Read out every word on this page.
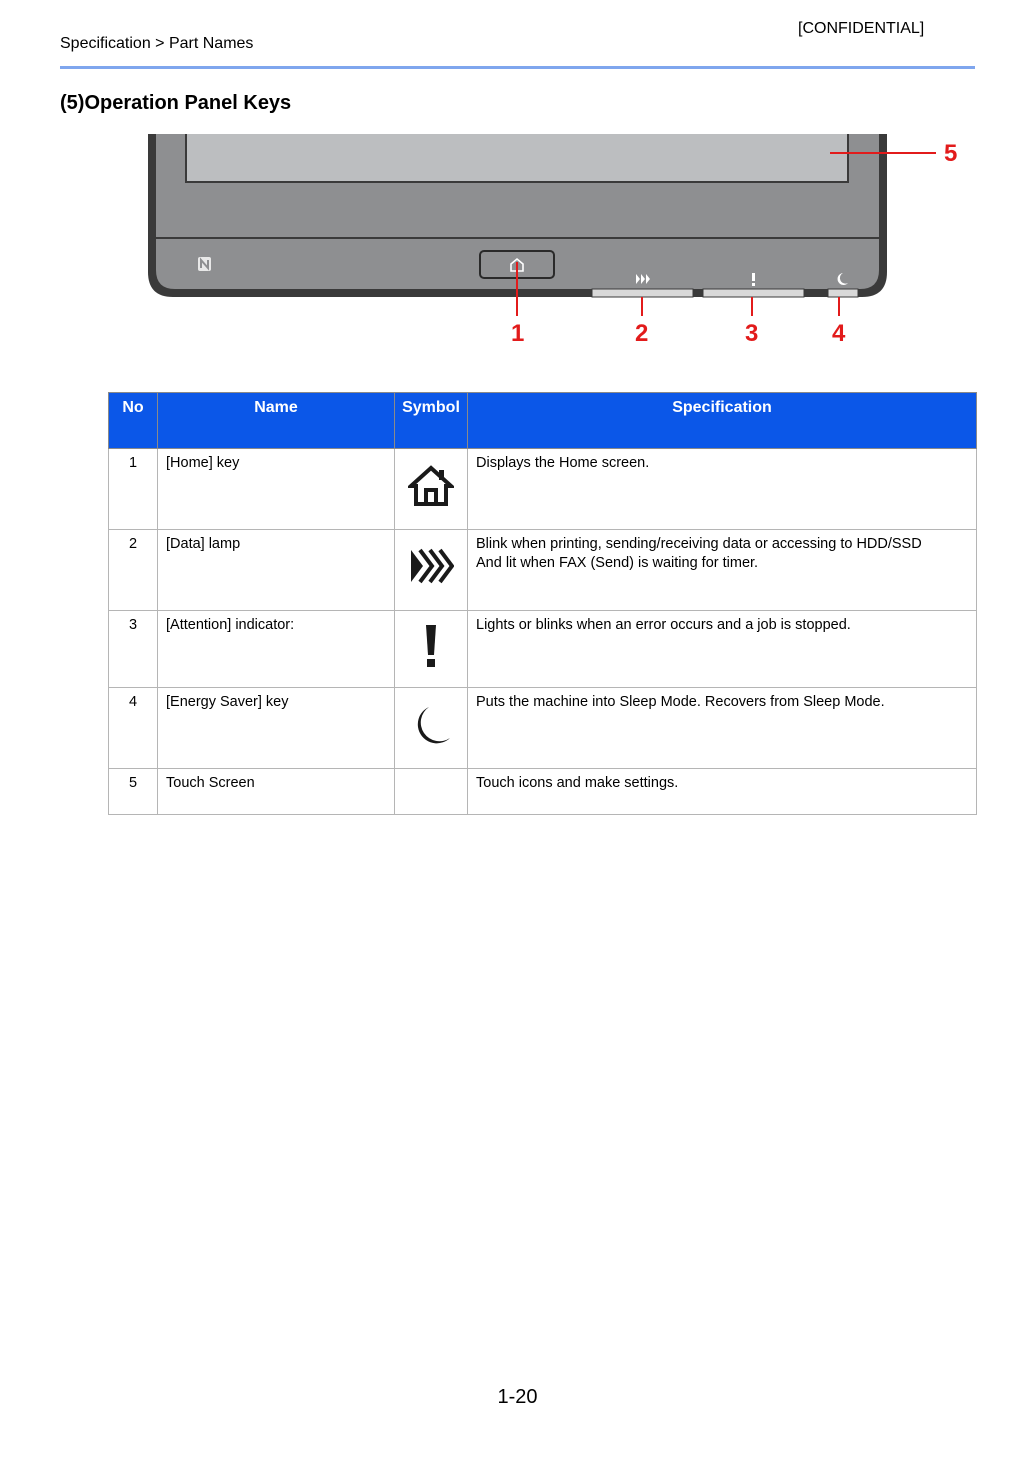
[CONFIDENTIAL]
Specification > Part Names
(5)Operation Panel Keys
1	2	3	4
5
No	Name	Symbol	Specification
1	[Home] key		Displays the Home screen.
2	[Data] lamp		Blink when printing, sending/receiving data or accessing to HDD/SSD
And lit when FAX (Send) is waiting for timer.
3	[Attention] indicator:		Lights or blinks when an error occurs and a job is stopped.
4	[Energy Saver] key		Puts the machine into Sleep Mode. Recovers from Sleep Mode.
5	Touch Screen		Touch icons and make settings.
1-20
